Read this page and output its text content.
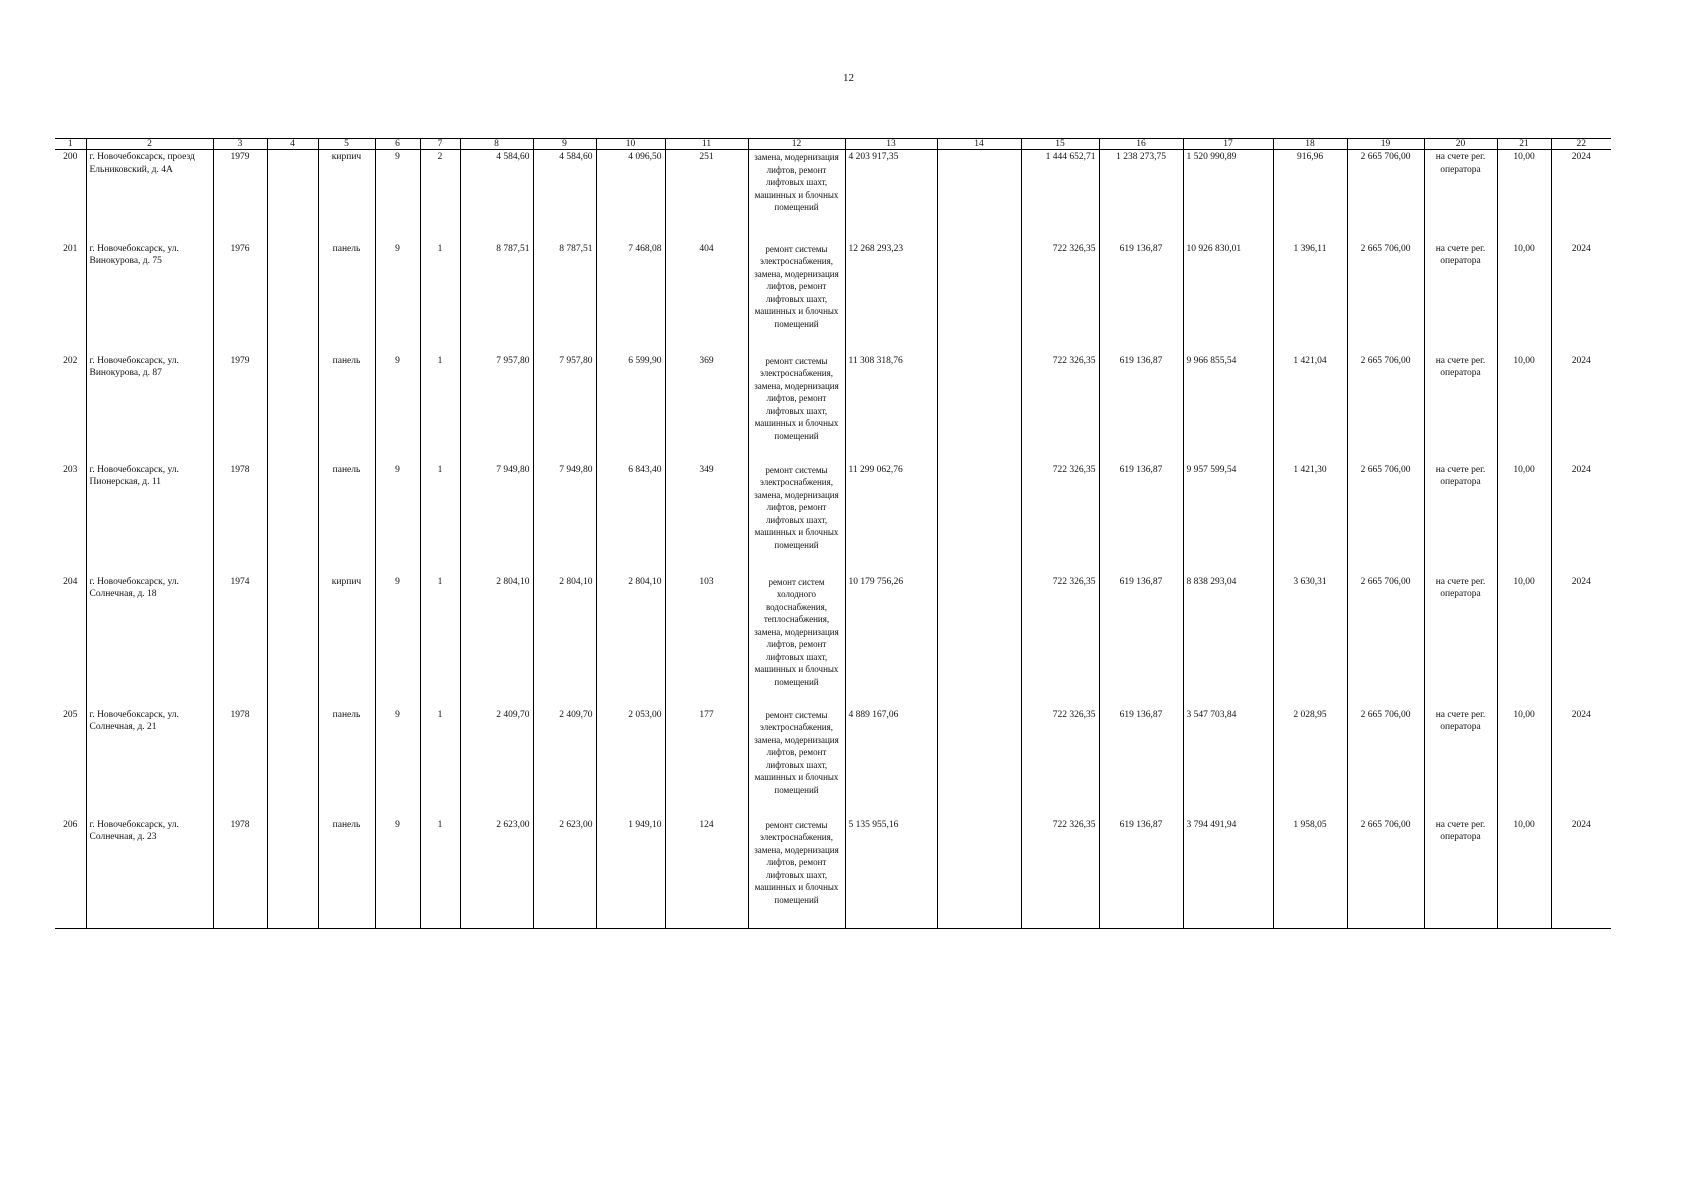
12
1	2	3	4	5	6	7	8	9	10	11	12	13	14	15	16	17	18	19	20	21	22
200	г. Новочебоксарск, проезд Ельниковский, д. 4А	1979		кирпич	9	2	4 584,60	4 584,60	4 096,50	251	замена, модернизация лифтов, ремонт лифтовых шахт, машинных и блочных помещений	4 203 917,35		1 444 652,71	1 238 273,75	1 520 990,89	916,96	2 665 706,00	на счете рег. оператора	10,00	2024
201	г. Новочебоксарск, ул. Винокурова, д. 75	1976		панель	9	1	8 787,51	8 787,51	7 468,08	404	ремонт системы электроснабжения, замена, модернизация лифтов, ремонт лифтовых шахт, машинных и блочных помещений	12 268 293,23		722 326,35	619 136,87	10 926 830,01	1 396,11	2 665 706,00	на счете рег. оператора	10,00	2024
202	г. Новочебоксарск, ул. Винокурова, д. 87	1979		панель	9	1	7 957,80	7 957,80	6 599,90	369	ремонт системы электроснабжения, замена, модернизация лифтов, ремонт лифтовых шахт, машинных и блочных помещений	11 308 318,76		722 326,35	619 136,87	9 966 855,54	1 421,04	2 665 706,00	на счете рег. оператора	10,00	2024
203	г. Новочебоксарск, ул. Пионерская, д. 11	1978		панель	9	1	7 949,80	7 949,80	6 843,40	349	ремонт системы электроснабжения, замена, модернизация лифтов, ремонт лифтовых шахт, машинных и блочных помещений	11 299 062,76		722 326,35	619 136,87	9 957 599,54	1 421,30	2 665 706,00	на счете рег. оператора	10,00	2024
204	г. Новочебоксарск, ул. Солнечная, д. 18	1974		кирпич	9	1	2 804,10	2 804,10	2 804,10	103	ремонт систем холодного водоснабжения, теплоснабжения, замена, модернизация лифтов, ремонт лифтовых шахт, машинных и блочных помещений	10 179 756,26		722 326,35	619 136,87	8 838 293,04	3 630,31	2 665 706,00	на счете рег. оператора	10,00	2024
205	г. Новочебоксарск, ул. Солнечная, д. 21	1978		панель	9	1	2 409,70	2 409,70	2 053,00	177	ремонт системы электроснабжения, замена, модернизация лифтов, ремонт лифтовых шахт, машинных и блочных помещений	4 889 167,06		722 326,35	619 136,87	3 547 703,84	2 028,95	2 665 706,00	на счете рег. оператора	10,00	2024
206	г. Новочебоксарск, ул. Солнечная, д. 23	1978		панель	9	1	2 623,00	2 623,00	1 949,10	124	ремонт системы электроснабжения, замена, модернизация лифтов, ремонт лифтовых шахт, машинных и блочных помещений	5 135 955,16		722 326,35	619 136,87	3 794 491,94	1 958,05	2 665 706,00	на счете рег. оператора	10,00	2024
